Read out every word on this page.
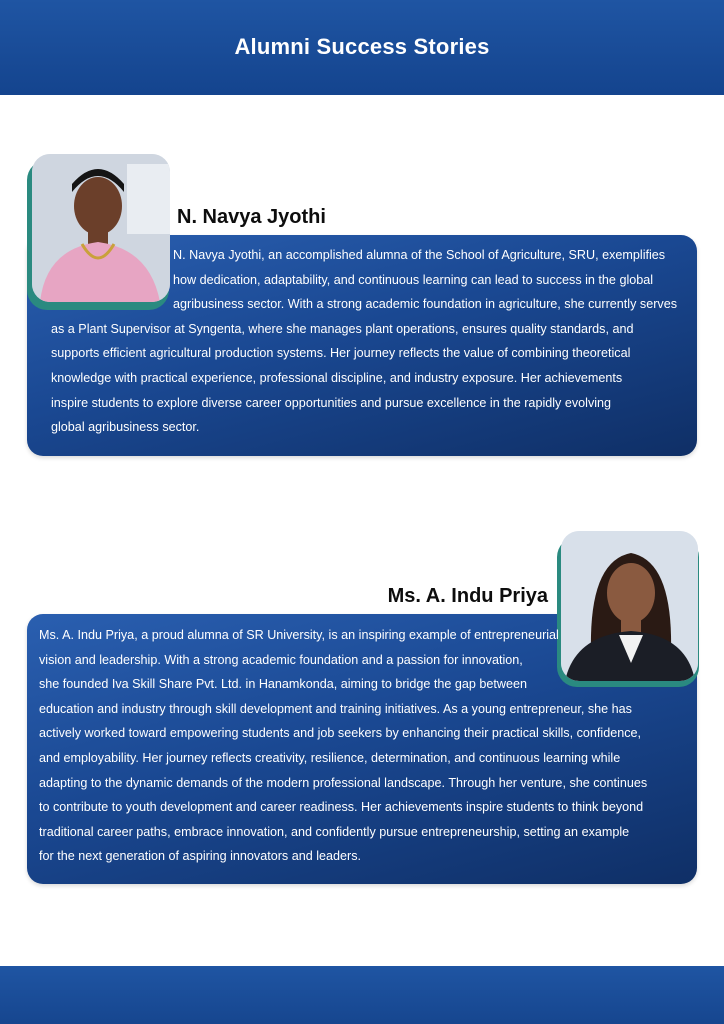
Alumni Success Stories
N. Navya Jyothi

N. Navya Jyothi, an accomplished alumna of the School of Agriculture, SRU, exemplifies
how dedication, adaptability, and continuous learning can lead to success in the global
agribusiness sector. With a strong academic foundation in agriculture, she currently serves
as a Plant Supervisor at Syngenta, where she manages plant operations, ensures quality standards, and
supports efficient agricultural production systems. Her journey reflects the value of combining theoretical
knowledge with practical experience, professional discipline, and industry exposure. Her achievements
inspire students to explore diverse career opportunities and pursue excellence in the rapidly evolving
global agribusiness sector.

Ms. A. Indu Priya

Ms. A. Indu Priya, a proud alumna of SR University, is an inspiring example of entrepreneurial
vision and leadership. With a strong academic foundation and a passion for innovation,
she founded Iva Skill Share Pvt. Ltd. in Hanamkonda, aiming to bridge the gap between
education and industry through skill development and training initiatives. As a young entrepreneur, she has
actively worked toward empowering students and job seekers by enhancing their practical skills, confidence,
and employability. Her journey reflects creativity, resilience, determination, and continuous learning while
adapting to the dynamic demands of the modern professional landscape. Through her venture, she continues
to contribute to youth development and career readiness. Her achievements inspire students to think beyond
traditional career paths, embrace innovation, and confidently pursue entrepreneurship, setting an example
for the next generation of aspiring innovators and leaders.
